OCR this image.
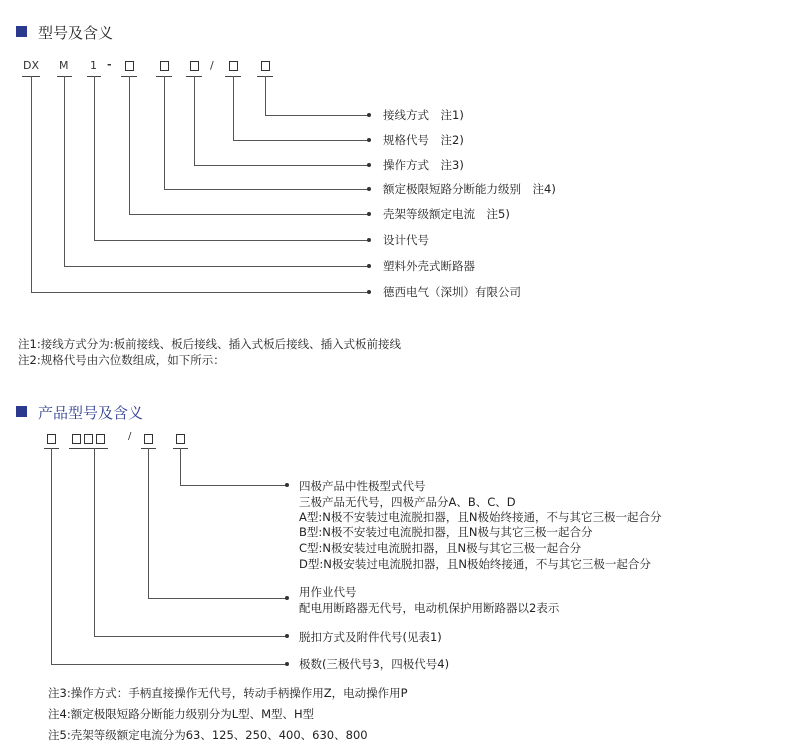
型号及含义
DX M 1 -	/
接线方式　注1)
规格代号　注2)
操作方式　注3)
额定极限短路分断能力级别　注4)
壳架等级额定电流　注5)
设计代号
塑料外壳式断路器
德西电气（深圳）有限公司
注1:接线方式分为:板前接线、板后接线、插入式板后接线、插入式板前接线
注2:规格代号由六位数组成，如下所示：
产品型号及含义
/
四极产品中性极型式代号
三极产品无代号，四极产品分A、B、C、D
A型:N极不安装过电流脱扣器，且N极始终接通，不与其它三极一起合分
B型:N极不安装过电流脱扣器，且N极与其它三极一起合分
C型:N极安装过电流脱扣器，且N极与其它三极一起合分
D型:N极安装过电流脱扣器，且N极始终接通，不与其它三极一起合分
用作业代号
配电用断路器无代号，电动机保护用断路器以2表示
脱扣方式及附件代号(见表1)
极数(三极代号3，四极代号4)
注3:操作方式：手柄直接操作无代号，转动手柄操作用Z，电动操作用P
注4:额定极限短路分断能力级别分为L型、M型、H型
注5:壳架等级额定电流分为63、125、250、400、630、800
